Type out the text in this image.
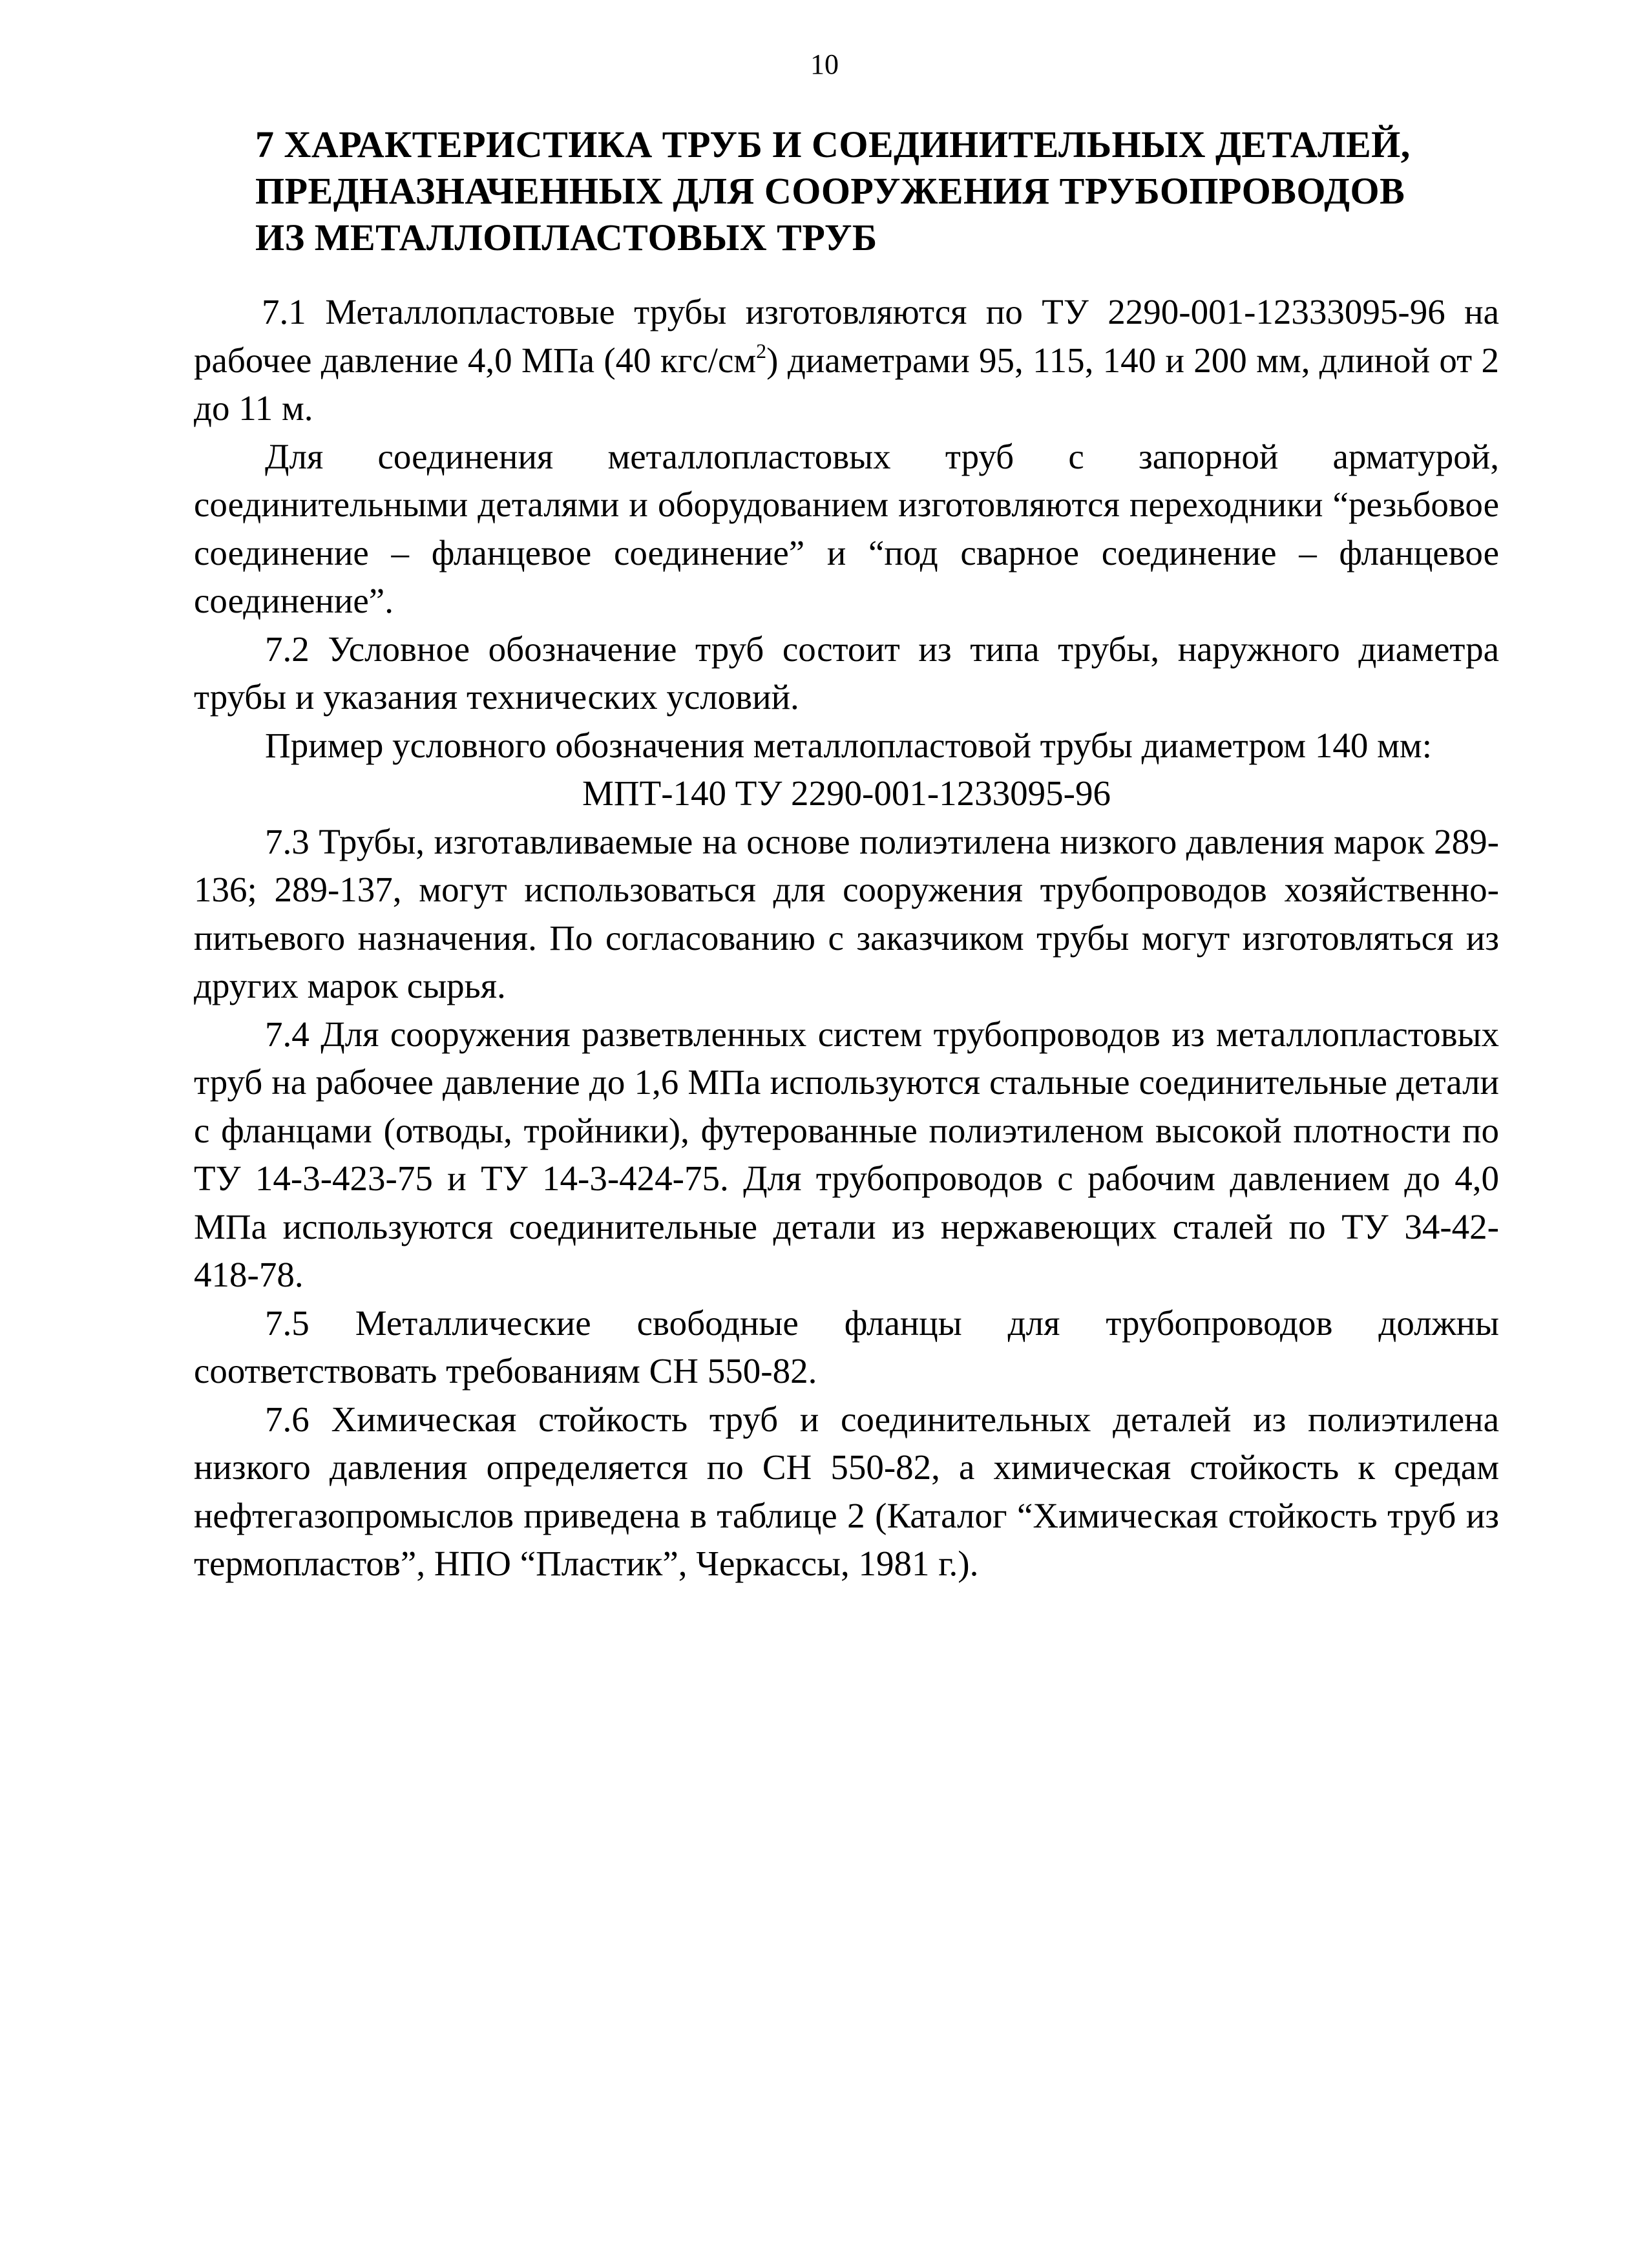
10
7 ХАРАКТЕРИСТИКА ТРУБ И СОЕДИНИТЕЛЬНЫХ ДЕТАЛЕЙ,
ПРЕДНАЗНАЧЕННЫХ ДЛЯ СООРУЖЕНИЯ ТРУБОПРОВОДОВ
ИЗ МЕТАЛЛОПЛАСТОВЫХ ТРУБ

7.1 Металлопластовые трубы изготовляются по ТУ 2290-001-12333095-96 на рабочее давление 4,0 МПа (40 кгс/$см^2$) диаметрами 95, 115, 140 и 200 мм, длиной от 2 до 11 м.

Для соединения металлопластовых труб с запорной арматурой, соединительными деталями и оборудованием изготовляются переходники “резьбовое соединение – фланцевое соединение” и “под сварное соединение – фланцевое соединение”.

7.2 Условное обозначение труб состоит из типа трубы, наружного диаметра трубы и указания технических условий.

Пример условного обозначения металлопластовой трубы диаметром 140 мм:

МПТ-140 ТУ 2290-001-1233095-96

7.3 Трубы, изготавливаемые на основе полиэтилена низкого давления марок 289-136; 289-137, могут использоваться для сооружения трубопроводов хозяйственно-питьевого назначения. По согласованию с заказчиком трубы могут изготовляться из других марок сырья.

7.4 Для сооружения разветвленных систем трубопроводов из металлопластовых труб на рабочее давление до 1,6 МПа используются стальные соединительные детали с фланцами (отводы, тройники), футерованные полиэтиленом высокой плотности по ТУ 14-3-423-75 и ТУ 14-3-424-75. Для трубопроводов с рабочим давлением до 4,0 МПа используются соединительные детали из нержавеющих сталей по ТУ 34-42-418-78.

7.5 Металлические свободные фланцы для трубопроводов должны соответствовать требованиям СН 550-82.

7.6 Химическая стойкость труб и соединительных деталей из полиэтилена низкого давления определяется по СН 550-82, а химическая стойкость к средам нефтегазопромыслов приведена в таблице 2 (Каталог “Химическая стойкость труб из термопластов”, НПО “Пластик”, Черкассы, 1981 г.).
